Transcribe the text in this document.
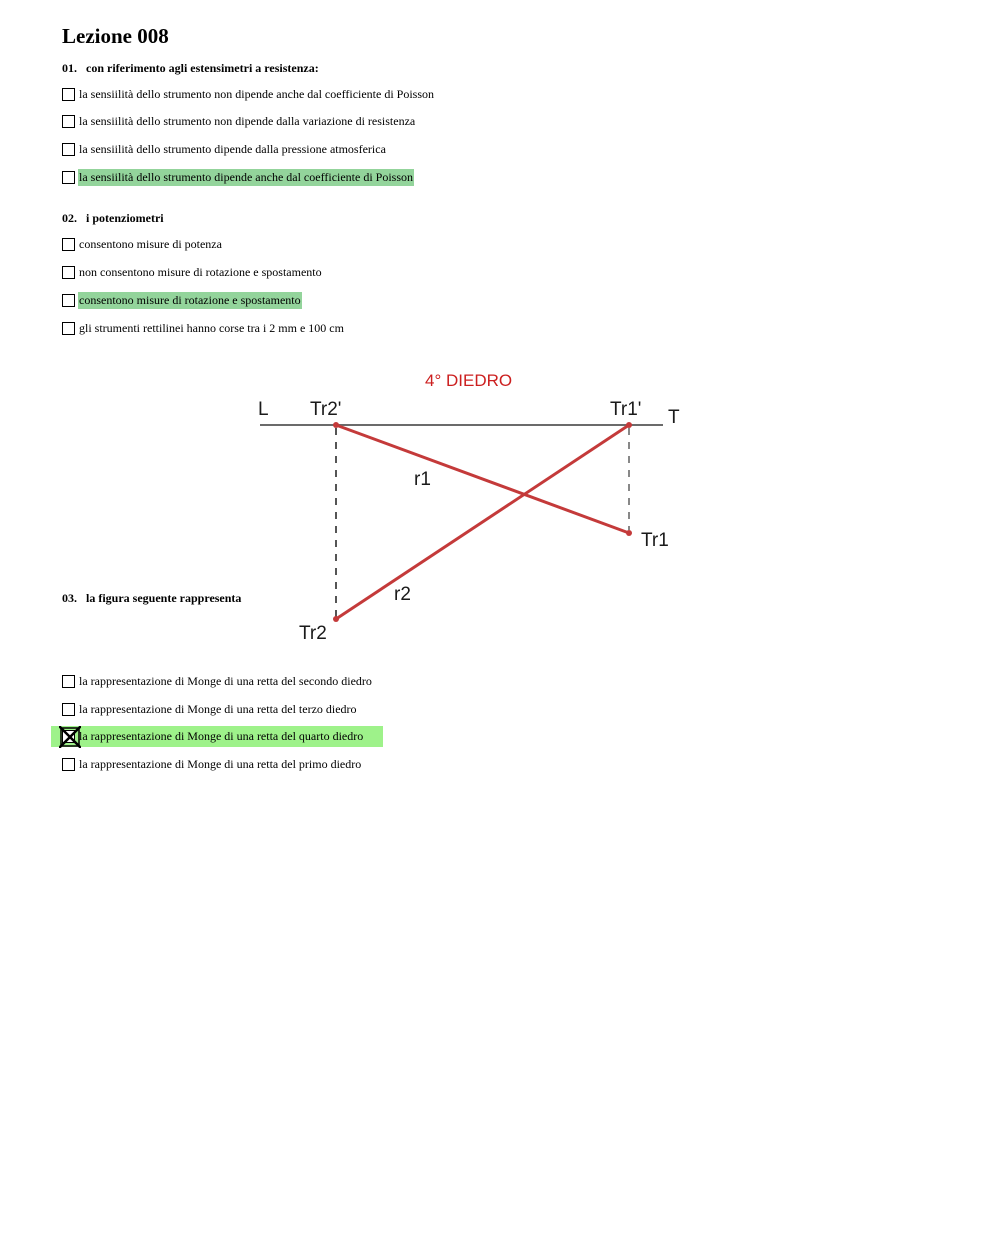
Lezione 008
01. con riferimento agli estensimetri a resistenza:
la sensiilità dello strumento non dipende anche dal coefficiente di Poisson
la sensiilità dello strumento non dipende dalla variazione di resistenza
la sensiilità dello strumento dipende dalla pressione atmosferica
la sensiilità dello strumento dipende anche dal coefficiente di Poisson
02. i potenziometri
consentono misure di potenza
non consentono misure di rotazione e spostamento
consentono misure di rotazione e spostamento
gli strumenti rettilinei hanno corse tra i 2 mm e 100 cm
4° DIEDRO
L	T
Tr2'	Tr1'
r1
r2
Tr1
Tr2
03. la figura seguente rappresenta
la rappresentazione di Monge di una retta del secondo diedro
la rappresentazione di Monge di una retta del terzo diedro
la rappresentazione di Monge di una retta del quarto diedro
la rappresentazione di Monge di una retta del primo diedro
